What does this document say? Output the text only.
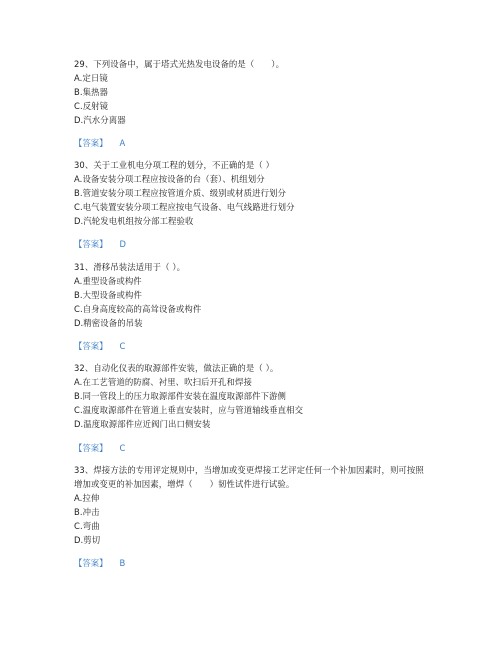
29、下列设备中，属于塔式光热发电设备的是（　　）。
A.定日镜
B.集热器
C.反射镜
D.汽水分离器
【答案】 A
30、关于工业机电分项工程的划分，不正确的是（ ）
A.设备安装分项工程应按设备的台（套）、机组划分
B.管道安装分项工程应按管道介质、级别或材质进行划分
C.电气装置安装分项工程应按电气设备、电气线路进行划分
D.汽轮发电机组按分部工程验收
【答案】 D
31、滑移吊装法适用于（ ）。
A.重型设备或构件
B.大型设备或构件
C.自身高度较高的高耸设备或构件
D.精密设备的吊装
【答案】 C
32、自动化仪表的取源部件安装，做法正确的是（ ）。
A.在工艺管道的防腐、衬里、吹扫后开孔和焊接
B.同一管段上的压力取源部件安装在温度取源部件下游侧
C.温度取源部件在管道上垂直安装时，应与管道轴线垂直相交
D.温度取源部件应近阀门出口侧安装
【答案】 C
33、焊接方法的专用评定规则中，当增加或变更焊接工艺评定任何一个补加因素时，则可按照增加或变更的补加因素，增焊（　　）韧性试件进行试验。
A.拉伸
B.冲击
C.弯曲
D.剪切
【答案】 B
